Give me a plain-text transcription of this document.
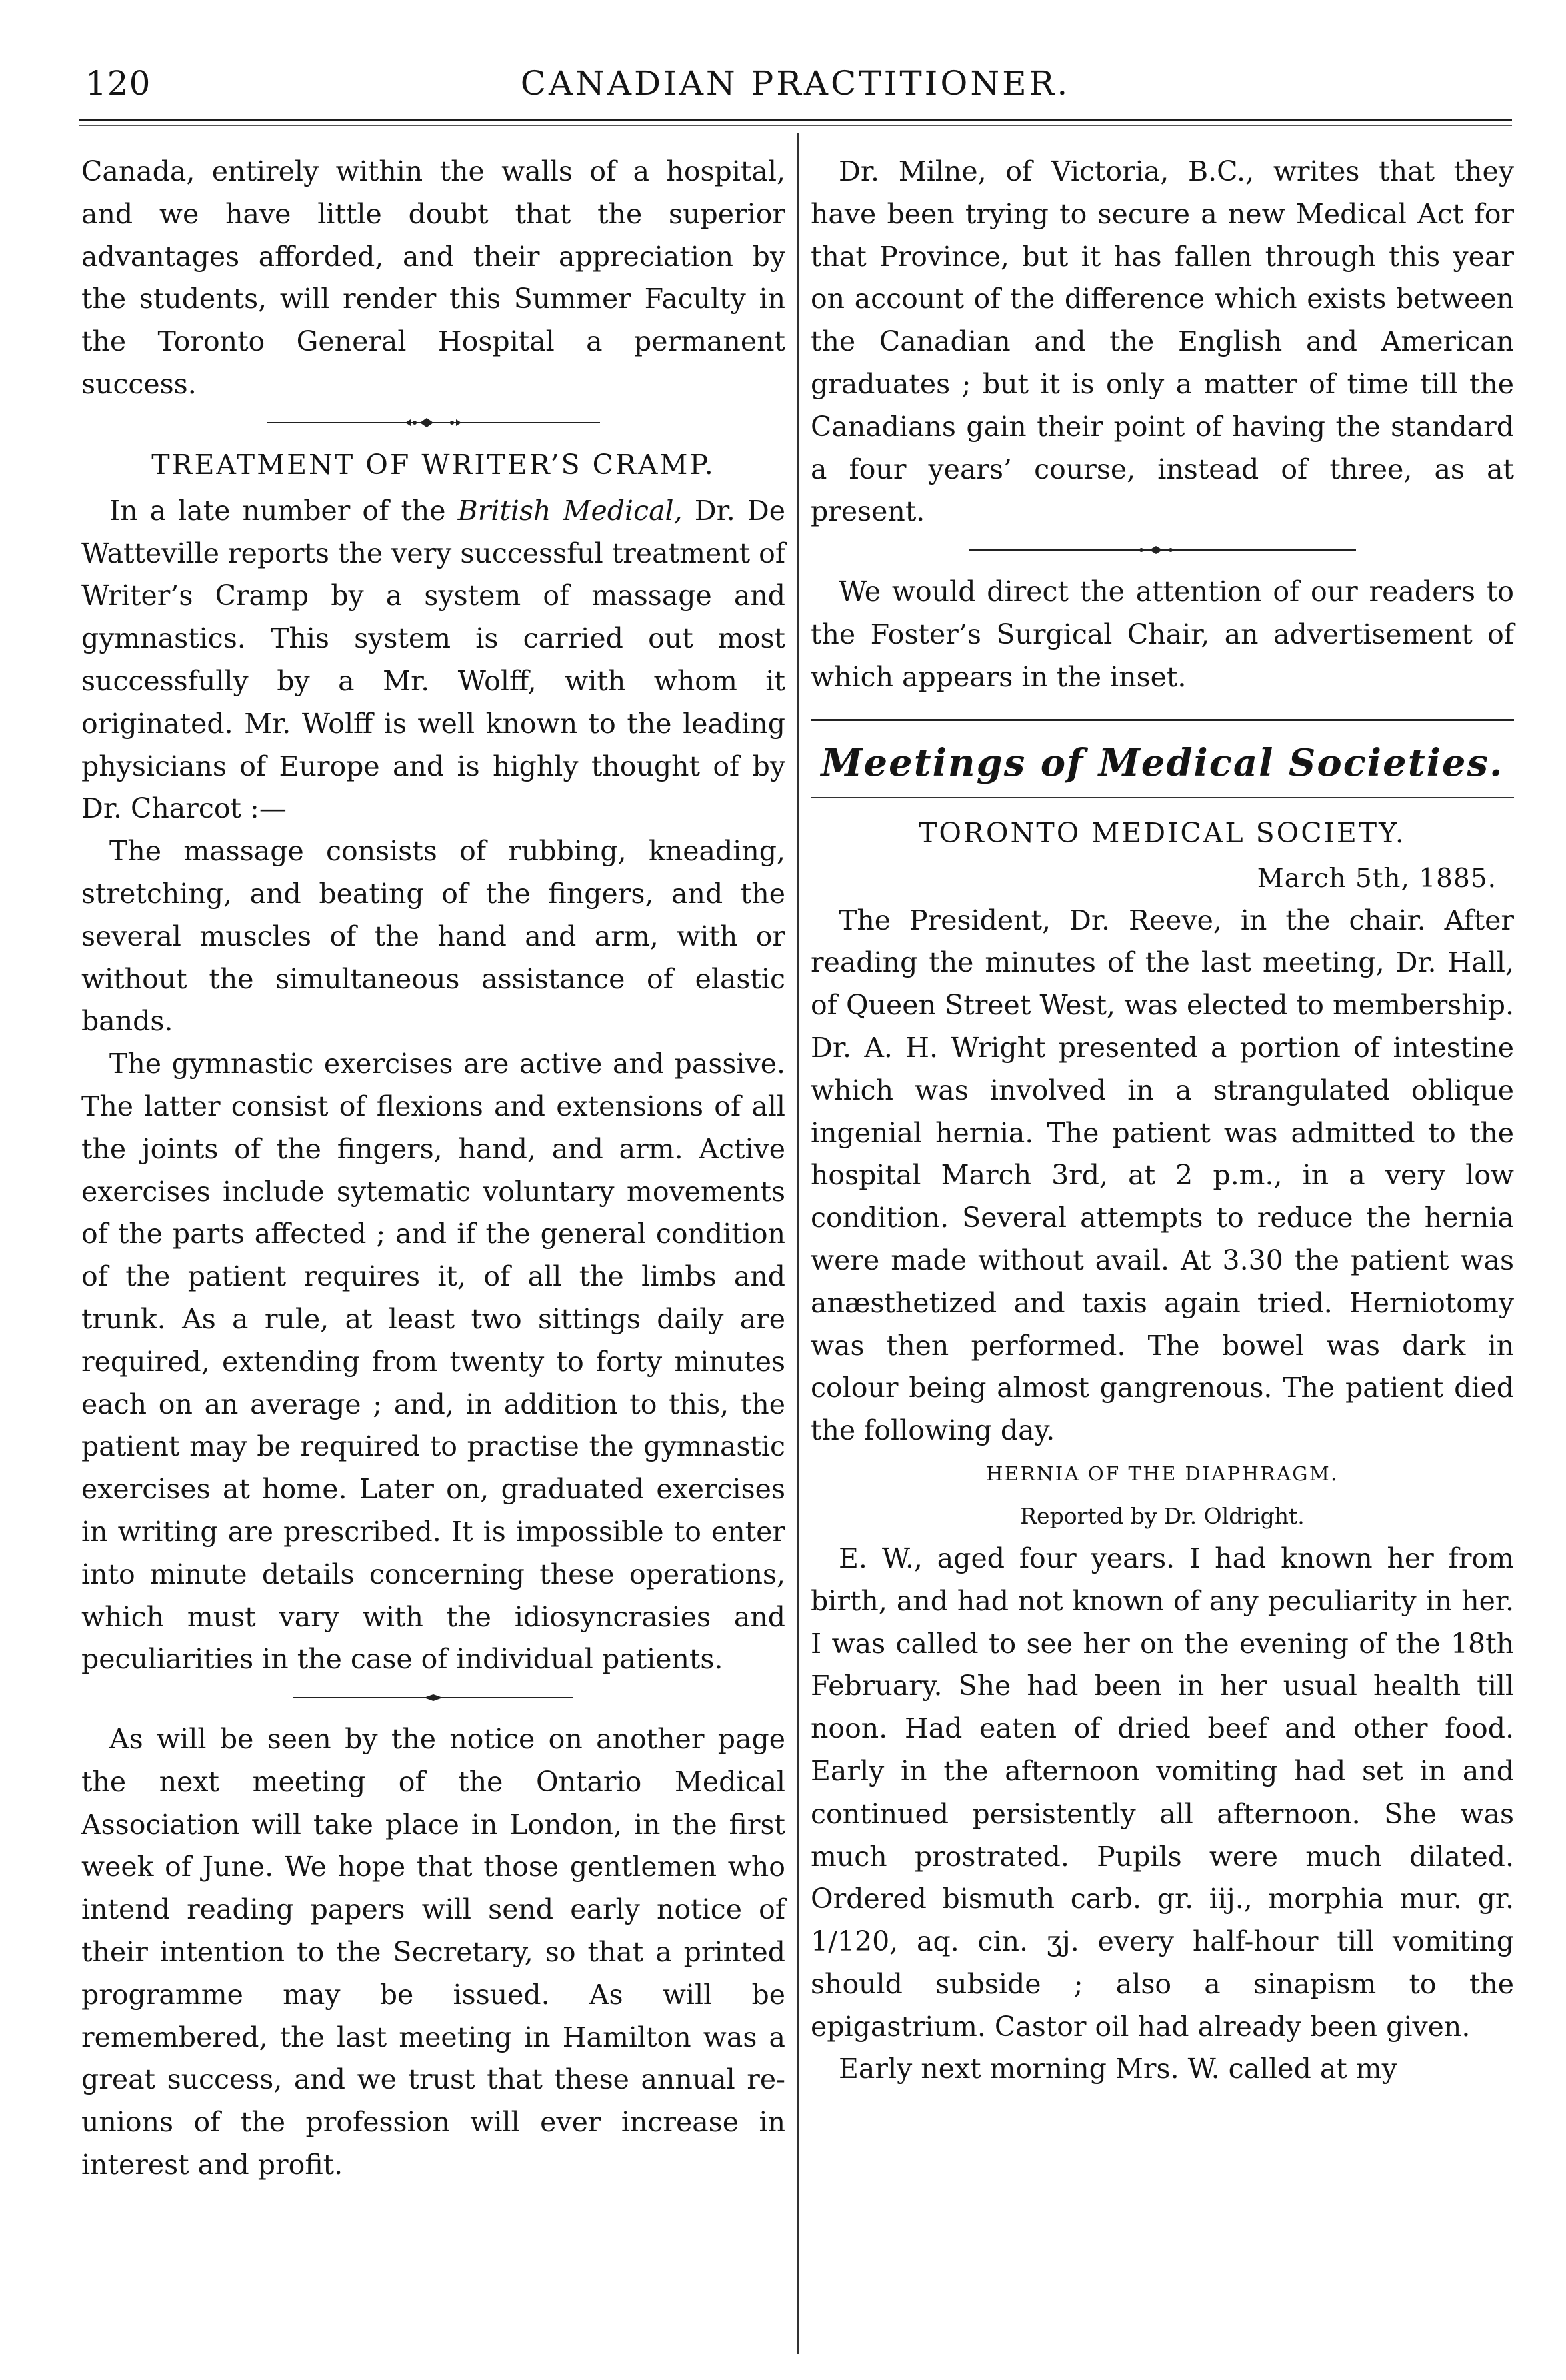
120	CANADIAN PRACTITIONER.

Canada, entirely within the walls of a hospital, and we have little doubt that the superior advantages afforded, and their appreciation by the students, will render this Summer Faculty in the Toronto General Hospital a permanent success.

TREATMENT OF WRITER’S CRAMP.

In a late number of the British Medical, Dr. De Watteville reports the very successful treatment of Writer’s Cramp by a system of massage and gymnastics. This system is carried out most successfully by a Mr. Wolff, with whom it originated. Mr. Wolff is well known to the leading physicians of Europe and is highly thought of by Dr. Charcot :—

The massage consists of rubbing, kneading, stretching, and beating of the fingers, and the several muscles of the hand and arm, with or without the simultaneous assistance of elastic bands.

The gymnastic exercises are active and passive. The latter consist of flexions and extensions of all the joints of the fingers, hand, and arm. Active exercises include sytematic voluntary movements of the parts affected ; and if the general condition of the patient requires it, of all the limbs and trunk. As a rule, at least two sittings daily are required, extending from twenty to forty minutes each on an average ; and, in addition to this, the patient may be required to practise the gymnastic exercises at home. Later on, graduated exercises in writing are prescribed. It is impossible to enter into minute details concerning these operations, which must vary with the idiosyncrasies and peculiarities in the case of individual patients.

As will be seen by the notice on another page the next meeting of the Ontario Medical Association will take place in London, in the first week of June. We hope that those gentlemen who intend reading papers will send early notice of their intention to the Secretary, so that a printed programme may be issued. As will be remembered, the last meeting in Hamilton was a great success, and we trust that these annual re-unions of the profession will ever increase in interest and profit.

Dr. Milne, of Victoria, B.C., writes that they have been trying to secure a new Medical Act for that Province, but it has fallen through this year on account of the difference which exists between the Canadian and the English and American graduates ; but it is only a matter of time till the Canadians gain their point of having the standard a four years’ course, instead of three, as at present.

We would direct the attention of our readers to the Foster’s Surgical Chair, an advertisement of which appears in the inset.

Meetings of Medical Societies.
TORONTO MEDICAL SOCIETY.
March 5th, 1885.

The President, Dr. Reeve, in the chair. After reading the minutes of the last meeting, Dr. Hall, of Queen Street West, was elected to membership. Dr. A. H. Wright presented a portion of intestine which was involved in a strangulated oblique ingenial hernia. The patient was admitted to the hospital March 3rd, at 2 p.m., in a very low condition. Several attempts to reduce the hernia were made without avail. At 3.30 the patient was anæsthetized and taxis again tried. Herniotomy was then performed. The bowel was dark in colour being almost gangrenous. The patient died the following day.

HERNIA OF THE DIAPHRAGM.
Reported by Dr. Oldright.

E. W., aged four years. I had known her from birth, and had not known of any peculiarity in her. I was called to see her on the evening of the 18th February. She had been in her usual health till noon. Had eaten of dried beef and other food. Early in the afternoon vomiting had set in and continued persistently all afternoon. She was much prostrated. Pupils were much dilated. Ordered bismuth carb. gr. iij., morphia mur. gr. 1/120, aq. cin. ʒj. every half-hour till vomiting should subside ; also a sinapism to the epigastrium. Castor oil had already been given.

Early next morning Mrs. W. called at my
